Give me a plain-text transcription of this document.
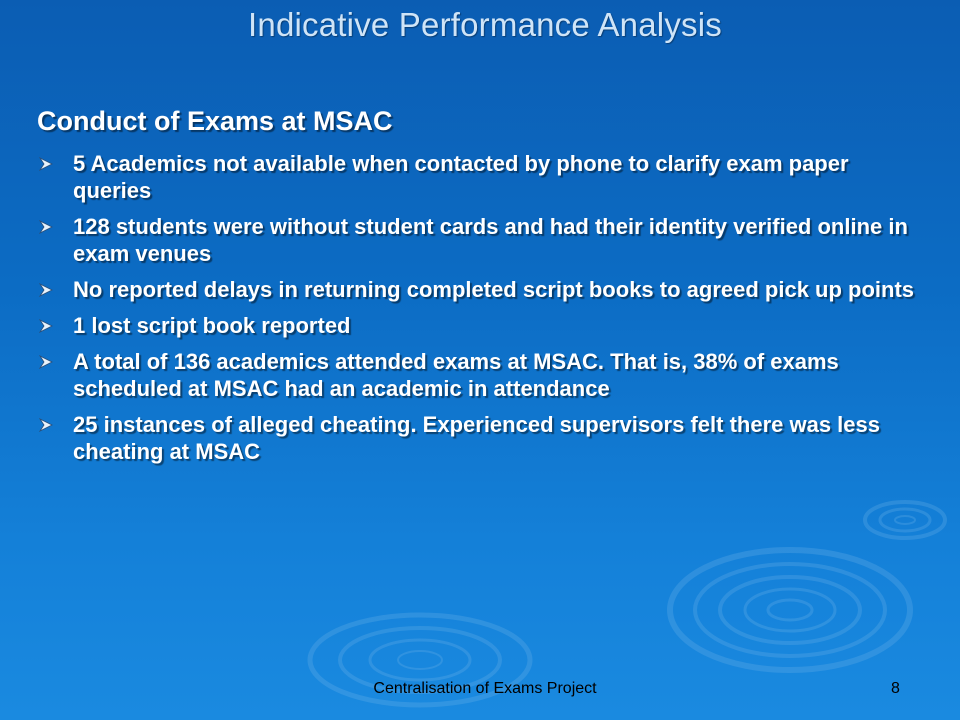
Indicative Performance Analysis
Conduct of Exams at MSAC
5 Academics not available when contacted by phone to clarify exam paper queries
128 students were without student cards and had their identity verified online in exam venues
No reported delays in returning completed script books to agreed pick up points
1 lost script book reported
A total of 136 academics attended exams at MSAC. That is, 38% of exams scheduled at MSAC had an academic in attendance
25 instances of alleged cheating. Experienced supervisors felt there was less cheating at MSAC
Centralisation of Exams Project	8
